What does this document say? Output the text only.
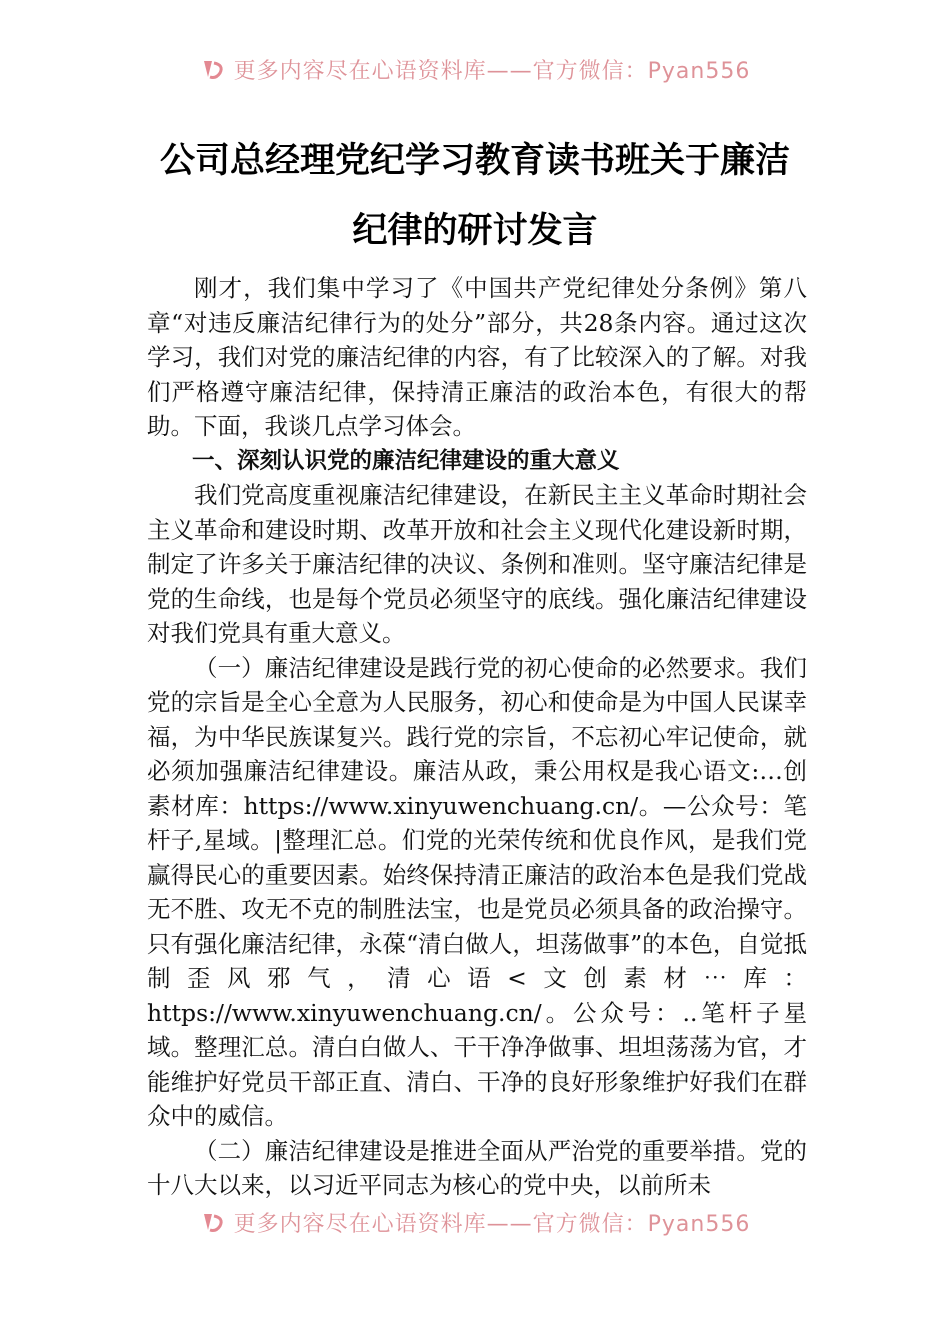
更多内容尽在心语资料库——官方微信：Pyan556
公司总经理党纪学习教育读书班关于廉洁
纪律的研讨发言

刚才，我们集中学习了《中国共产党纪律处分条例》第八章“对违反廉洁纪律行为的处分”部分，共28条内容。通过这次学习，我们对党的廉洁纪律的内容，有了比较深入的了解。对我们严格遵守廉洁纪律，保持清正廉洁的政治本色，有很大的帮助。下面，我谈几点学习体会。

一、深刻认识党的廉洁纪律建设的重大意义

我们党高度重视廉洁纪律建设，在新民主主义革命时期社会主义革命和建设时期、改革开放和社会主义现代化建设新时期，制定了许多关于廉洁纪律的决议、条例和准则。坚守廉洁纪律是党的生命线，也是每个党员必须坚守的底线。强化廉洁纪律建设对我们党具有重大意义。

（一）廉洁纪律建设是践行党的初心使命的必然要求。我们党的宗旨是全心全意为人民服务，初心和使命是为中国人民谋幸福，为中华民族谋复兴。践行党的宗旨，不忘初心牢记使命，就必须加强廉洁纪律建设。廉洁从政，秉公用权是我心语文:…创素材库：https://www.xinyuwenchuang.cn/。—公众号：笔杆子,星域。|整理汇总。们党的光荣传统和优良作风，是我们党赢得民心的重要因素。始终保持清正廉洁的政治本色是我们党战无不胜、攻无不克的制胜法宝，也是党员必须具备的政治操守。只有强化廉洁纪律，永葆“清白做人，坦荡做事”的本色，自觉抵制歪风邪气，清心语<文创素材⋯库：https://www.xinyuwenchuang.cn/。公众号：..笔杆子星域。整理汇总。清白白做人、干干净净做事、坦坦荡荡为官，才能维护好党员干部正直、清白、干净的良好形象维护好我们在群众中的威信。

（二）廉洁纪律建设是推进全面从严治党的重要举措。党的十八大以来，以习近平同志为核心的党中央，以前所未

更多内容尽在心语资料库——官方微信：Pyan556
